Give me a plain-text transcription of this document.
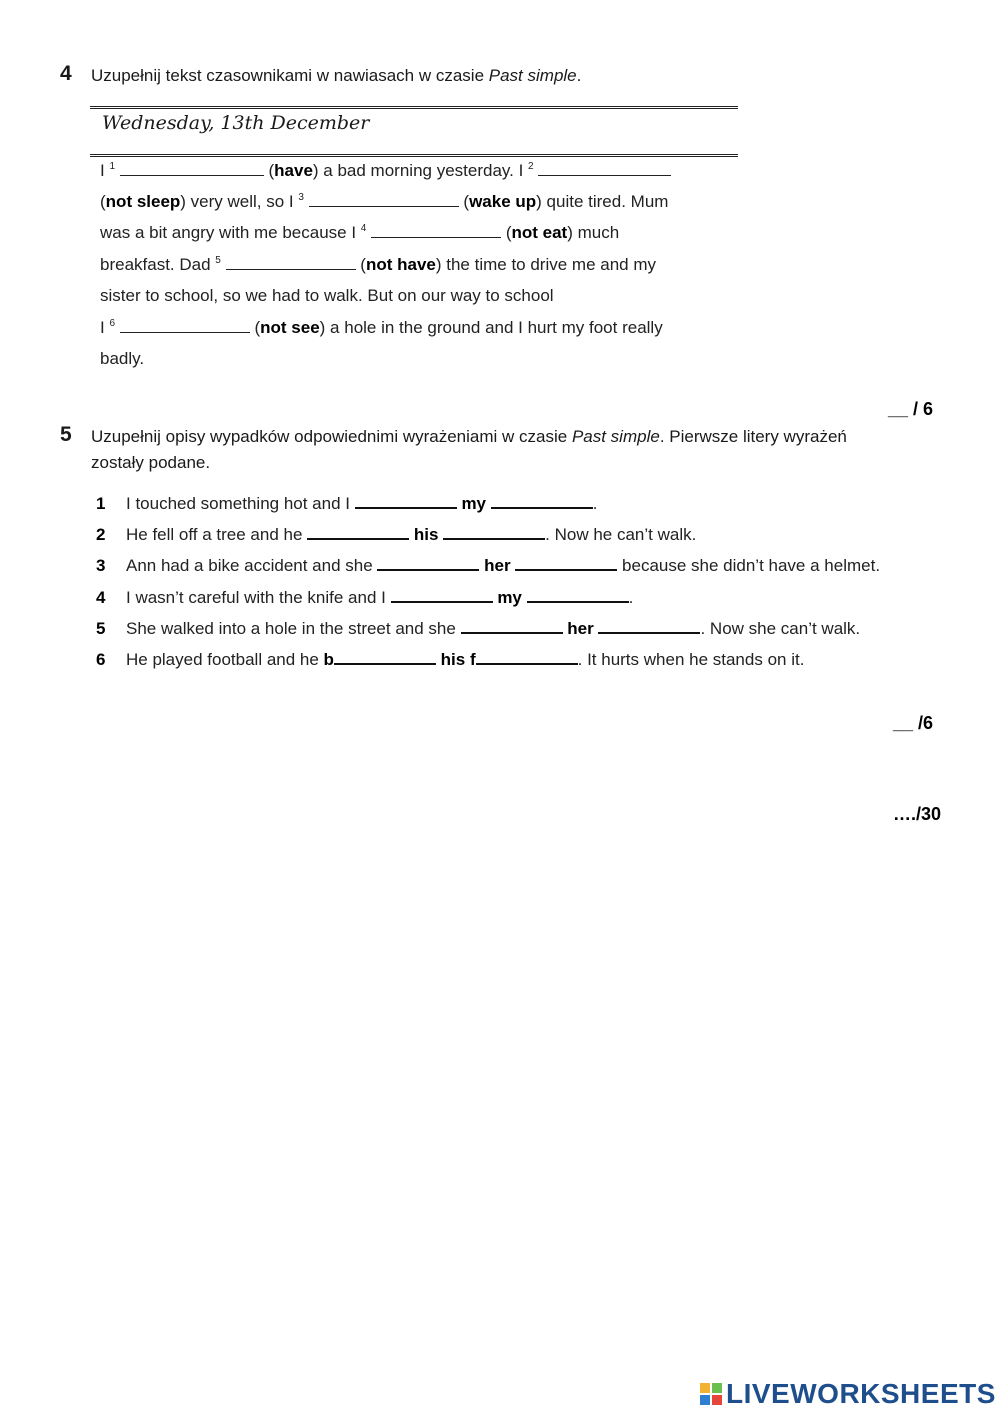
4 Uzupełnij tekst czasownikami w nawiasach w czasie Past simple.
Wednesday, 13th December
I $^1$	(have) a bad morning yesterday. I $^2$
(not sleep) very well, so I $^3$	(wake up) quite tired. Mum
was a bit angry with me because I $^4$	(not eat) much
breakfast. Dad $^5$	(not have) the time to drive me and my
sister to school, so we had to walk. But on our way to school
I $^6$	(not see) a hole in the ground and I hurt my foot really
badly.
__ / 6
5 Uzupełnij opisy wypadków odpowiednimi wyrażeniami w czasie Past simple. Pierwsze litery wyrażeń
zostały podane.
1 I touched something hot and I	my	.
2 He fell off a tree and he	his	. Now he can’t walk.
3 Ann had a bike accident and she	her	because she didn’t have a helmet.
4 I wasn’t careful with the knife and I	my	.
5 She walked into a hole in the street and she	her	. Now she can’t walk.
6 He played football and he b	his f	. It hurts when he stands on it.
__ /6
…./30
LIVEWORKSHEETS
